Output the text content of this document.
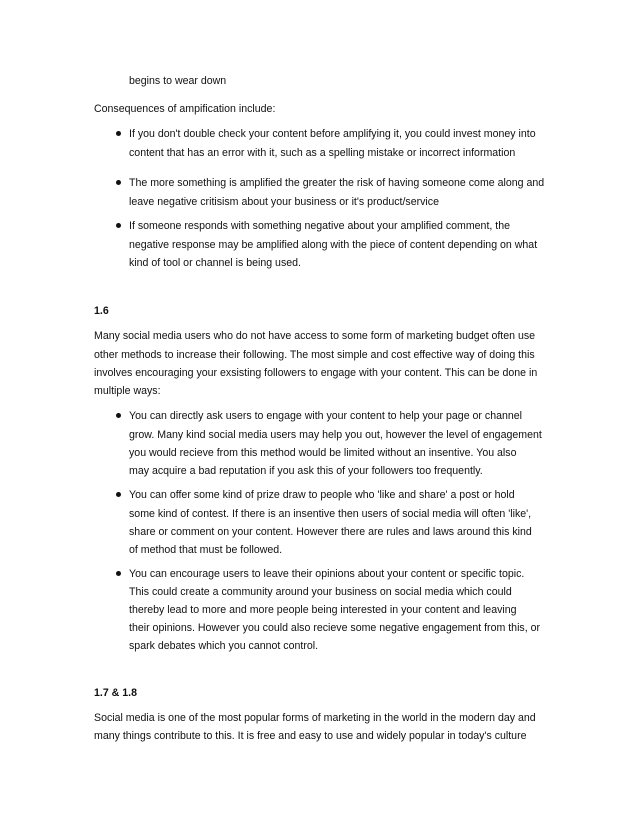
begins to wear down
Consequences of ampification include:
If you don't double check your content before amplifying it, you could invest money into
content that has an error with it, such as a spelling mistake or incorrect information
The more something is amplified the greater the risk of having someone come along and
leave negative critisism about your business or it's product/service
If someone responds with something negative about your amplified comment, the
negative response may be amplified along with the piece of content depending on what
kind of tool or channel is being used.
1.6
Many social media users who do not have access to some form of marketing budget often use
other methods to increase their following. The most simple and cost effective way of doing this
involves encouraging your exsisting followers to engage with your content. This can be done in
multiple ways:
You can directly ask users to engage with your content to help your page or channel
grow. Many kind social media users may help you out, however the level of engagement
you would recieve from this method would be limited without an insentive. You also
may acquire a bad reputation if you ask this of your followers too frequently.
You can offer some kind of prize draw to people who 'like and share' a post or hold
some kind of contest. If there is an insentive then users of social media will often 'like',
share or comment on your content. However there are rules and laws around this kind
of method that must be followed.
You can encourage users to leave their opinions about your content or specific topic.
This could create a community around your business on social media which could
thereby lead to more and more people being interested in your content and leaving
their opinions. However you could also recieve some negative engagement from this, or
spark debates which you cannot control.
1.7 & 1.8
Social media is one of the most popular forms of marketing in the world in the modern day and
many things contribute to this. It is free and easy to use and widely popular in today's culture
